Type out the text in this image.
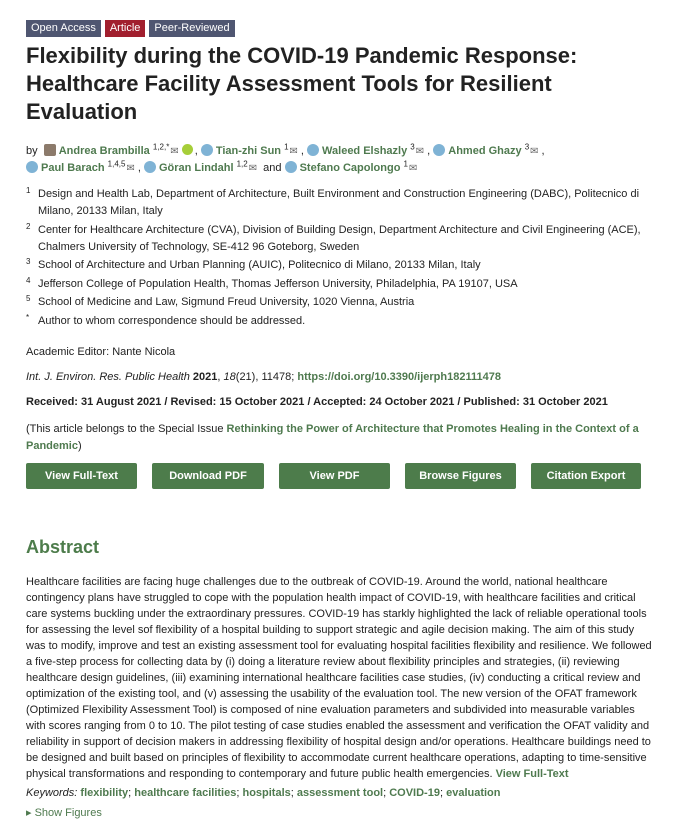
Open Access	Article	Peer-Reviewed
Flexibility during the COVID-19 Pandemic Response: Healthcare Facility Assessment Tools for Resilient Evaluation
by Andrea Brambilla $^{1,2,*}$✉ , Tian-zhi Sun $^1$✉ , Waleed Elshazly $^3$✉ , Ahmed Ghazy $^3$✉ ,
Paul Barach $^{1,4,5}$✉ , Göran Lindahl $^{1,2}$✉ and Stefano Capolongo $^1$✉
1 Design and Health Lab, Department of Architecture, Built Environment and Construction Engineering (DABC), Politecnico di Milano, 20133 Milan, Italy
2 Center for Healthcare Architecture (CVA), Division of Building Design, Department Architecture and Civil Engineering (ACE), Chalmers University of Technology, SE-412 96 Goteborg, Sweden
3 School of Architecture and Urban Planning (AUIC), Politecnico di Milano, 20133 Milan, Italy
4 Jefferson College of Population Health, Thomas Jefferson University, Philadelphia, PA 19107, USA
5 School of Medicine and Law, Sigmund Freud University, 1020 Vienna, Austria
* Author to whom correspondence should be addressed.
Academic Editor: Nante Nicola
Int. J. Environ. Res. Public Health 2021, 18(21), 11478; https://doi.org/10.3390/ijerph182111478
Received: 31 August 2021 / Revised: 15 October 2021 / Accepted: 24 October 2021 / Published: 31 October 2021
(This article belongs to the Special Issue Rethinking the Power of Architecture that Promotes Healing in the Context of a Pandemic)
View Full-Text	Download PDF	View PDF	Browse Figures	Citation Export
Abstract

Healthcare facilities are facing huge challenges due to the outbreak of COVID-19. Around the world, national healthcare contingency plans have struggled to cope with the population health impact of COVID-19, with healthcare facilities and critical care systems buckling under the extraordinary pressures. COVID-19 has starkly highlighted the lack of reliable operational tools for assessing the level sof flexibility of a hospital building to support strategic and agile decision making. The aim of this study was to modify, improve and test an existing assessment tool for evaluating hospital facilities flexibility and resilience. We followed a five-step process for collecting data by (i) doing a literature review about flexibility principles and strategies, (ii) reviewing healthcare design guidelines, (iii) examining international healthcare facilities case studies, (iv) conducting a critical review and optimization of the existing tool, and (v) assessing the usability of the evaluation tool. The new version of the OFAT framework (Optimized Flexibility Assessment Tool) is composed of nine evaluation parameters and subdivided into measurable variables with scores ranging from 0 to 10. The pilot testing of case studies enabled the assessment and verification the OFAT validity and reliability in support of decision makers in addressing flexibility of hospital design and/or operations. Healthcare buildings need to be designed and built based on principles of flexibility to accommodate current healthcare operations, adapting to time-sensitive physical transformations and responding to contemporary and future public health emergencies. View Full-Text

Keywords: flexibility; healthcare facilities; hospitals; assessment tool; COVID-19; evaluation
▸ Show Figures
